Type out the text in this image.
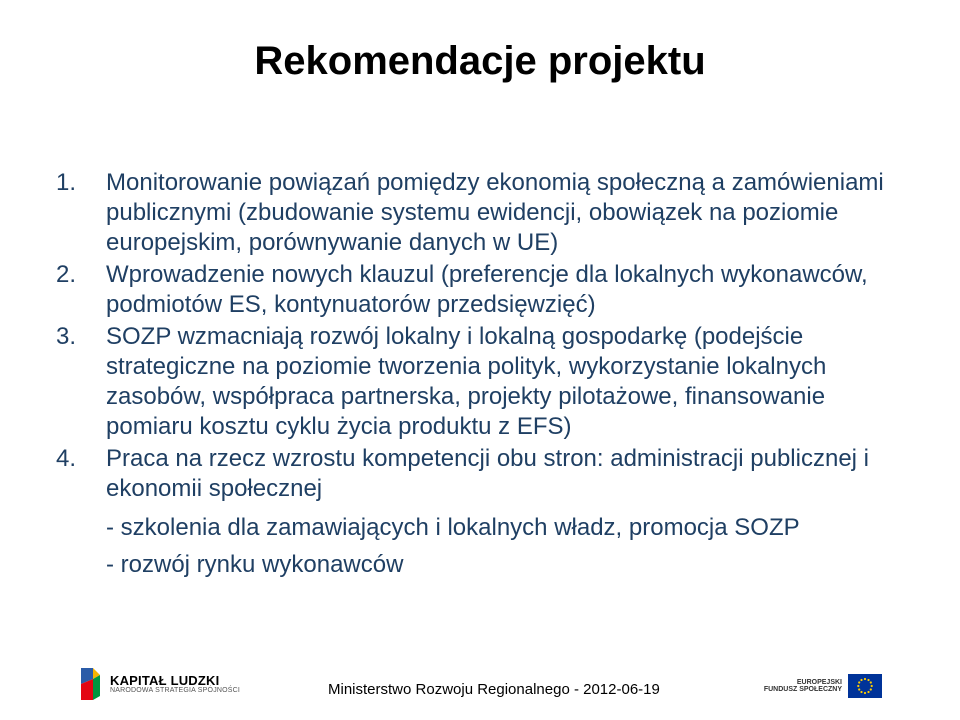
Rekomendacje projektu
1.	Monitorowanie powiązań pomiędzy ekonomią społeczną a zamówieniami publicznymi (zbudowanie systemu ewidencji, obowiązek na poziomie europejskim, porównywanie danych w UE)
2.	Wprowadzenie nowych klauzul (preferencje dla lokalnych wykonawców, podmiotów ES, kontynuatorów przedsięwzięć)
3.	SOZP wzmacniają rozwój lokalny i lokalną gospodarkę (podejście strategiczne na poziomie tworzenia polityk, wykorzystanie lokalnych zasobów, współpraca partnerska, projekty pilotażowe, finansowanie pomiaru kosztu cyklu życia produktu z EFS)
4.	Praca na rzecz wzrostu kompetencji obu stron: administracji publicznej i ekonomii społecznej
- szkolenia dla zamawiających i lokalnych władz, promocja SOZP
- rozwój rynku wykonawców
KAPITAŁ LUDZKI
NARODOWA STRATEGIA SPÓJNOŚCI	Ministerstwo Rozwoju Regionalnego - 2012-06-19	EUROPEJSKI
FUNDUSZ SPOŁECZNY
